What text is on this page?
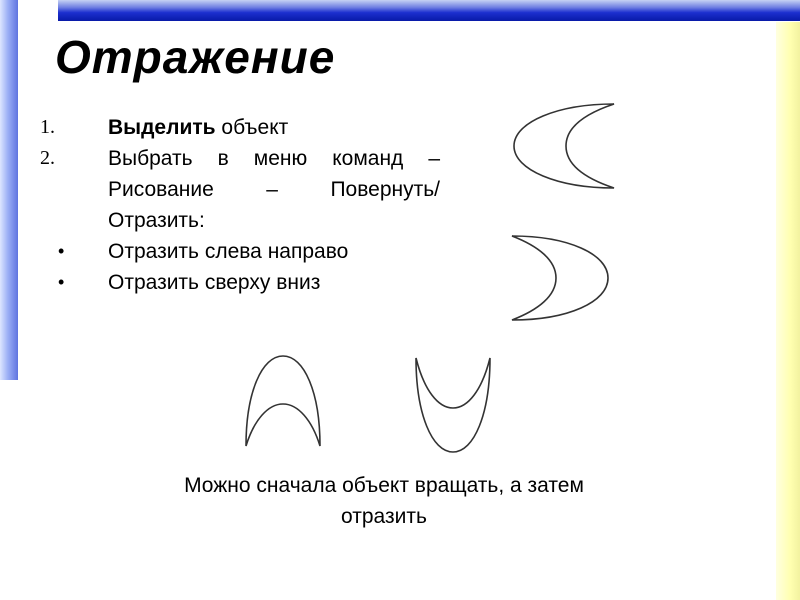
Отражение
1.	Выделить объект
2.	Выбрать в меню команд – Рисование – Повернуть/ Отразить:
•	Отразить слева направо
•	Отразить сверху вниз
Можно сначала объект вращать, а затем отразить
